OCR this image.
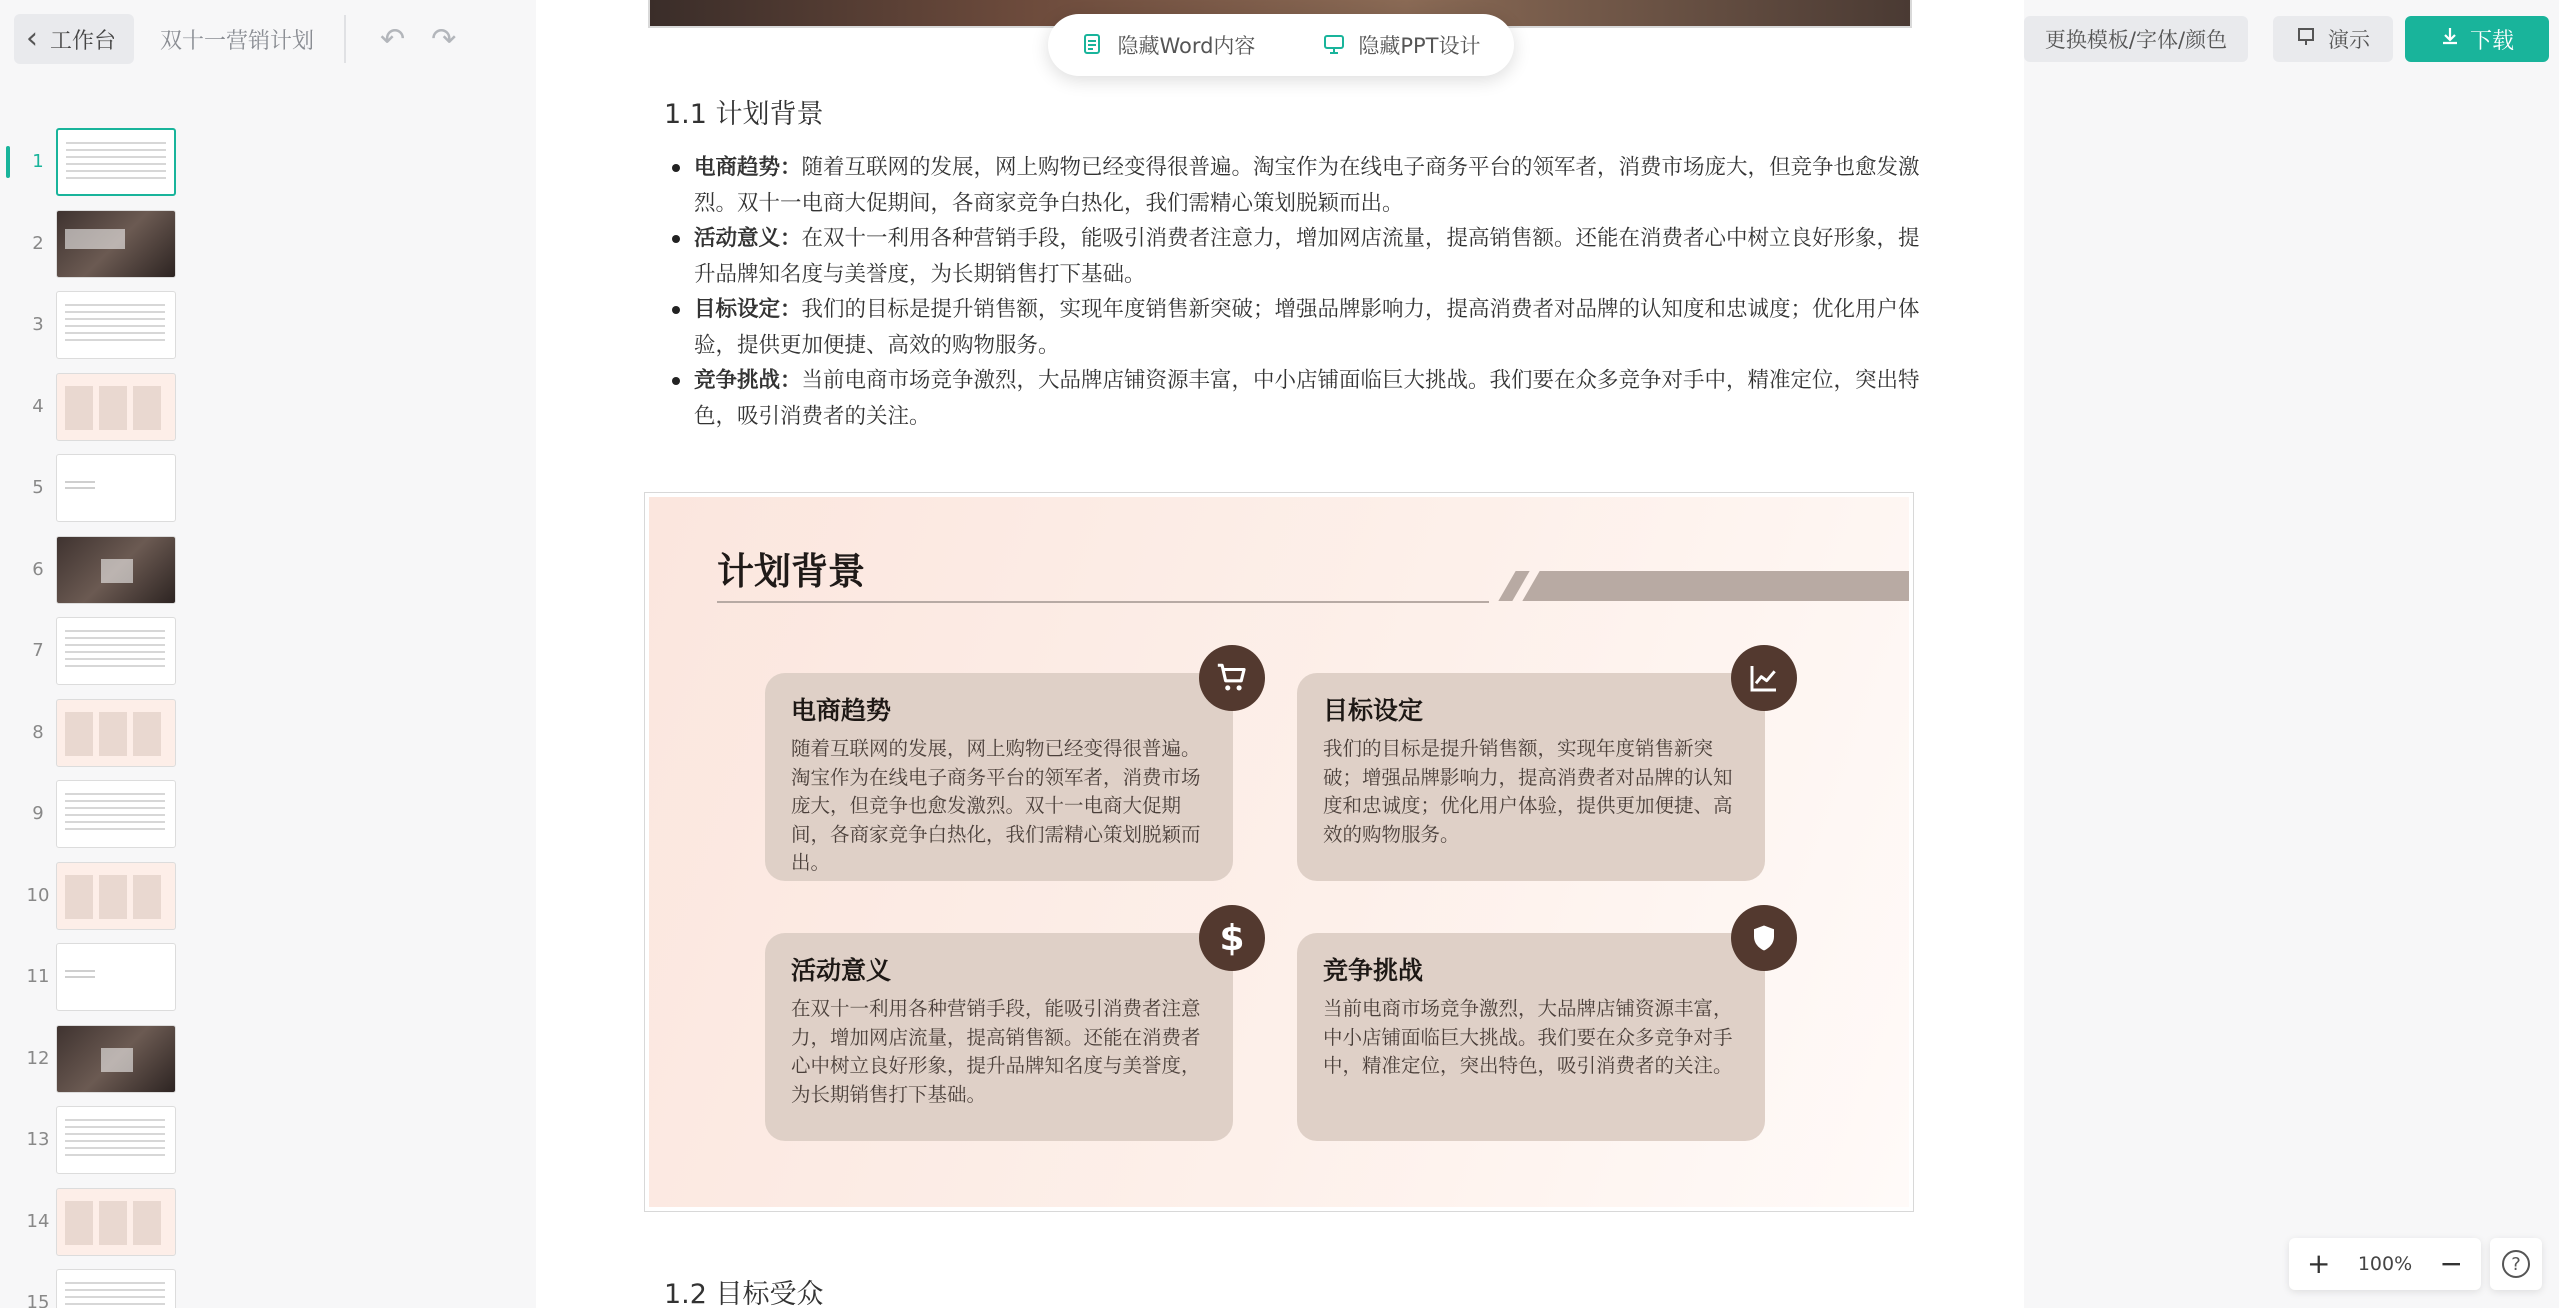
‹ 工作台 双十一营销计划 ↶ ↷
1
2
3
4
5
6
7
8
9
10
11
12
13
14
15
隐藏Word内容	隐藏PPT设计
1.1 计划背景
电商趋势：随着互联网的发展，网上购物已经变得很普遍。淘宝作为在线电子商务平台的领军者，消费市场庞大，但竞争也愈发激烈。双十一电商大促期间，各商家竞争白热化，我们需精心策划脱颖而出。
活动意义：在双十一利用各种营销手段，能吸引消费者注意力，增加网店流量，提高销售额。还能在消费者心中树立良好形象，提升品牌知名度与美誉度，为长期销售打下基础。
目标设定：我们的目标是提升销售额，实现年度销售新突破；增强品牌影响力，提高消费者对品牌的认知度和忠诚度；优化用户体验，提供更加便捷、高效的购物服务。
竞争挑战：当前电商市场竞争激烈，大品牌店铺资源丰富，中小店铺面临巨大挑战。我们要在众多竞争对手中，精准定位，突出特色，吸引消费者的关注。
计划背景
电商趋势
随着互联网的发展，网上购物已经变得很普遍。淘宝作为在线电子商务平台的领军者，消费市场庞大，但竞争也愈发激烈。双十一电商大促期间，各商家竞争白热化，我们需精心策划脱颖而出。
目标设定
我们的目标是提升销售额，实现年度销售新突破；增强品牌影响力，提高消费者对品牌的认知度和忠诚度；优化用户体验，提供更加便捷、高效的购物服务。
活动意义
在双十一利用各种营销手段，能吸引消费者注意力，增加网店流量，提高销售额。还能在消费者心中树立良好形象，提升品牌知名度与美誉度，为长期销售打下基础。
$
竞争挑战
当前电商市场竞争激烈，大品牌店铺资源丰富，中小店铺面临巨大挑战。我们要在众多竞争对手中，精准定位，突出特色，吸引消费者的关注。
1.2 目标受众
更换模板/字体/颜色	演示	下载
+ 100% −	?
